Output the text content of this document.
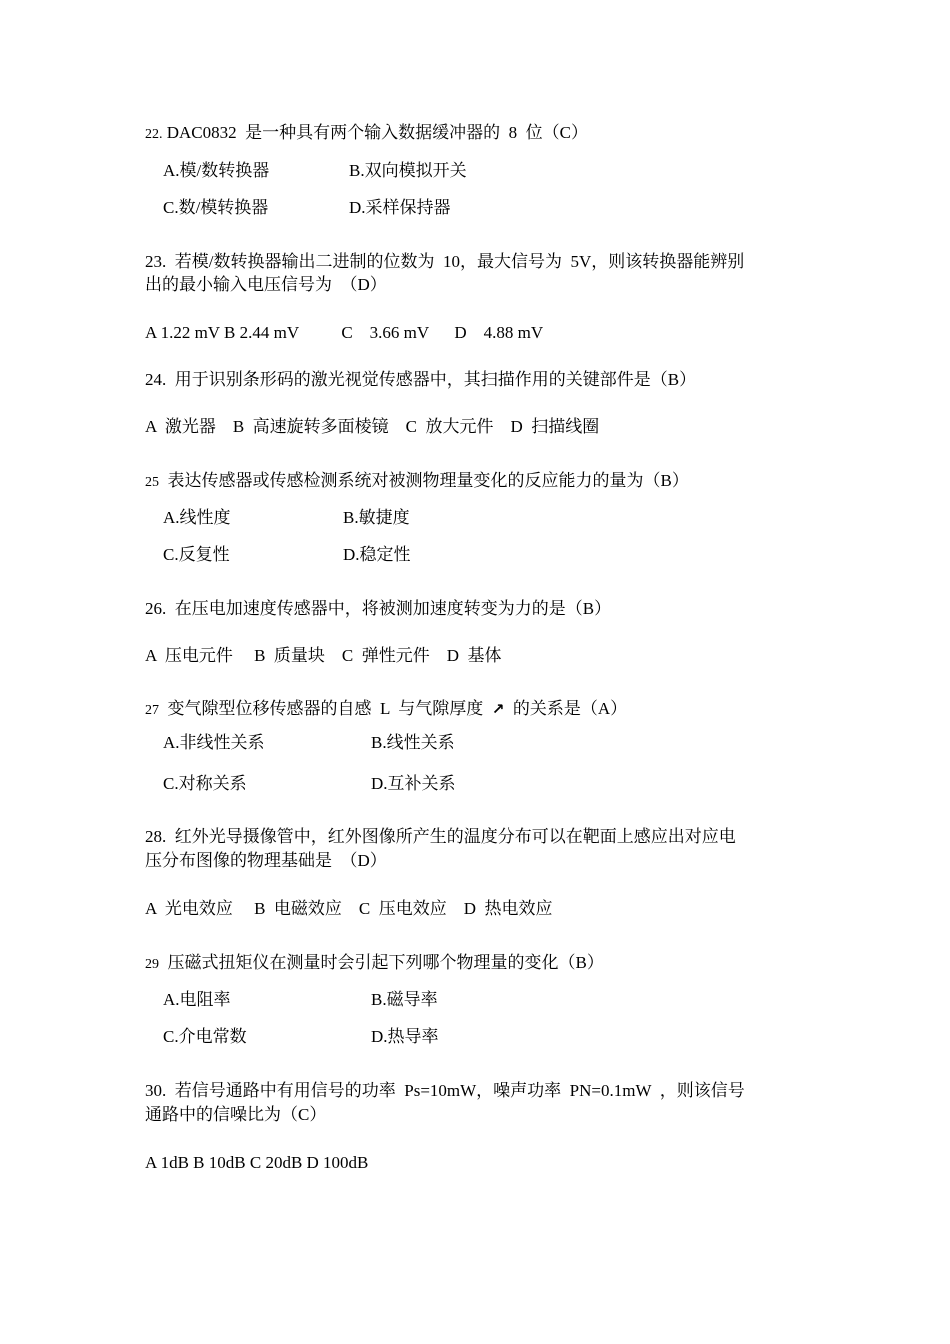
22. DAC0832  是一种具有两个输入数据缓冲器的  8  位（C）
A.模/数转换器	B.双向模拟开关
C.数/模转换器	D.采样保持器
23.  若模/数转换器输出二进制的位数为  10，最大信号为  5V，则该转换器能辨别
出的最小输入电压信号为  （D）
A 1.22 mV B 2.44 mV          C    3.66 mV      D    4.88 mV
24.  用于识别条形码的激光视觉传感器中，其扫描作用的关键部件是（B）
A  激光器    B  高速旋转多面棱镜    C  放大元件    D  扫描线圈
25  表达传感器或传感检测系统对被测物理量变化的反应能力的量为（B）
A.线性度	B.敏捷度
C.反复性	D.稳定性
26.  在压电加速度传感器中，将被测加速度转变为力的是（B）
A  压电元件     B  质量块    C  弹性元件    D  基体
27  变气隙型位移传感器的自感  L  与气隙厚度  ↗  的关系是（A）
A.非线性关系	B.线性关系
C.对称关系	D.互补关系
28.  红外光导摄像管中，红外图像所产生的温度分布可以在靶面上感应出对应电
压分布图像的物理基础是  （D）
A  光电效应     B  电磁效应    C  压电效应    D  热电效应
29  压磁式扭矩仪在测量时会引起下列哪个物理量的变化（B）
A.电阻率	B.磁导率
C.介电常数	D.热导率
30.  若信号通路中有用信号的功率  Ps=10mW，噪声功率  PN=0.1mW  ，则该信号
通路中的信噪比为（C）
A 1dB B 10dB C 20dB D 100dB
